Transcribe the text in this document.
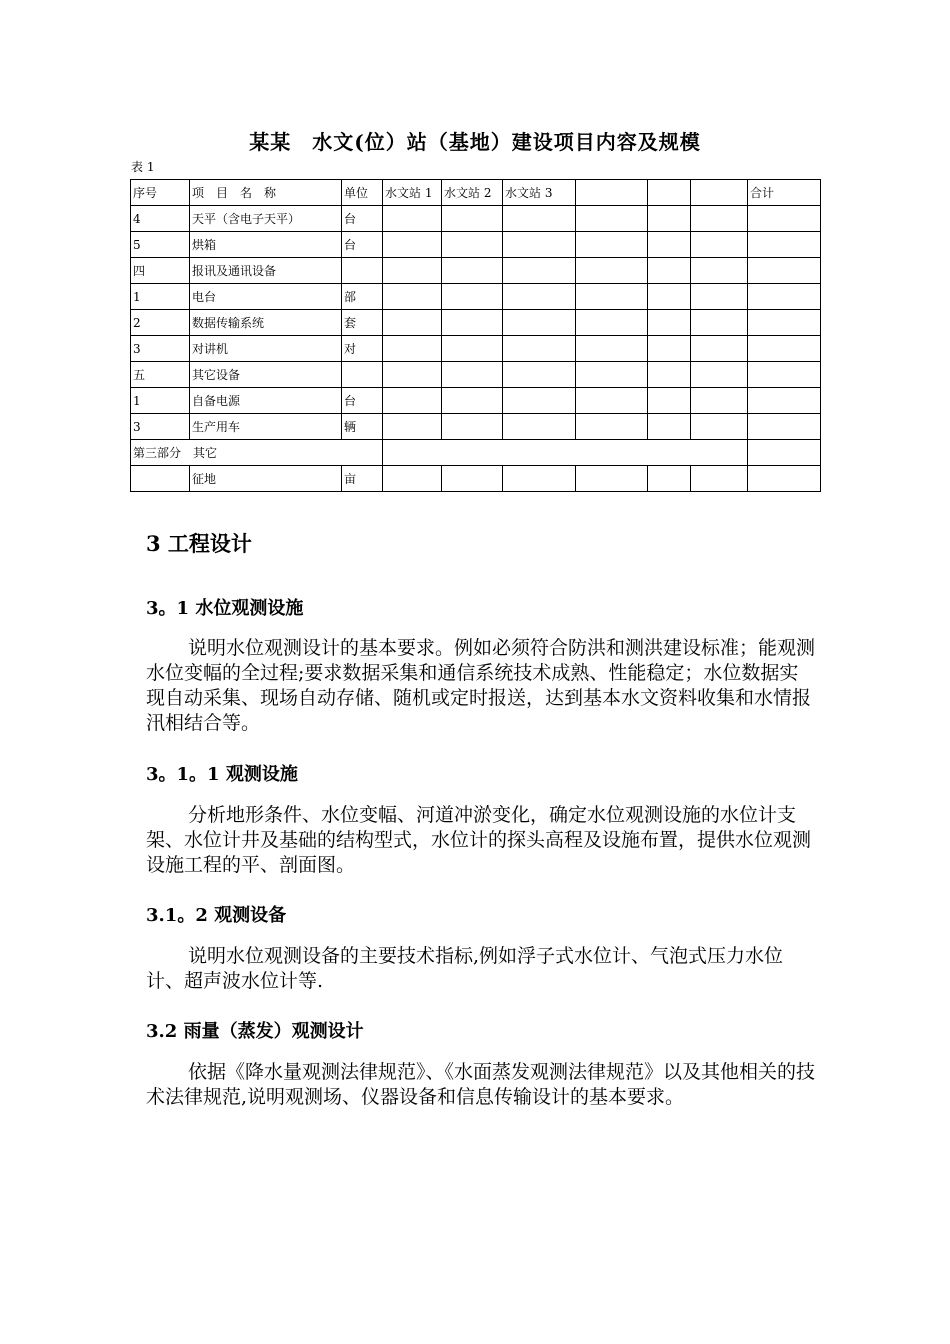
某某　水文(位）站（基地）建设项目内容及规模
表 1
序号	项　目　名　称	单位	水文站 1	水文站 2	水文站 3				合计
4	天平（含电子天平）	台							
5	烘箱	台							
四	报讯及通讯设备								
1	电台	部							
2	数据传输系统	套							
3	对讲机	对							
五	其它设备								
1	自备电源	台							
3	生产用车	辆							
第三部分　其它									
	征地	亩							
3 工程设计
3。1 水位观测设施

说明水位观测设计的基本要求。例如必须符合防洪和测洪建设标准；能观测水位变幅的全过程;要求数据采集和通信系统技术成熟、性能稳定；水位数据实现自动采集、现场自动存储、随机或定时报送，达到基本水文资料收集和水情报汛相结合等。

3。1。1 观测设施

分析地形条件、水位变幅、河道冲淤变化，确定水位观测设施的水位计支架、水位计井及基础的结构型式，水位计的探头高程及设施布置，提供水位观测设施工程的平、剖面图。

3.1。2 观测设备

说明水位观测设备的主要技术指标,例如浮子式水位计、气泡式压力水位计、超声波水位计等.

3.2 雨量（蒸发）观测设计

依据《降水量观测法律规范》、《水面蒸发观测法律规范》以及其他相关的技术法律规范,说明观测场、仪器设备和信息传输设计的基本要求。
